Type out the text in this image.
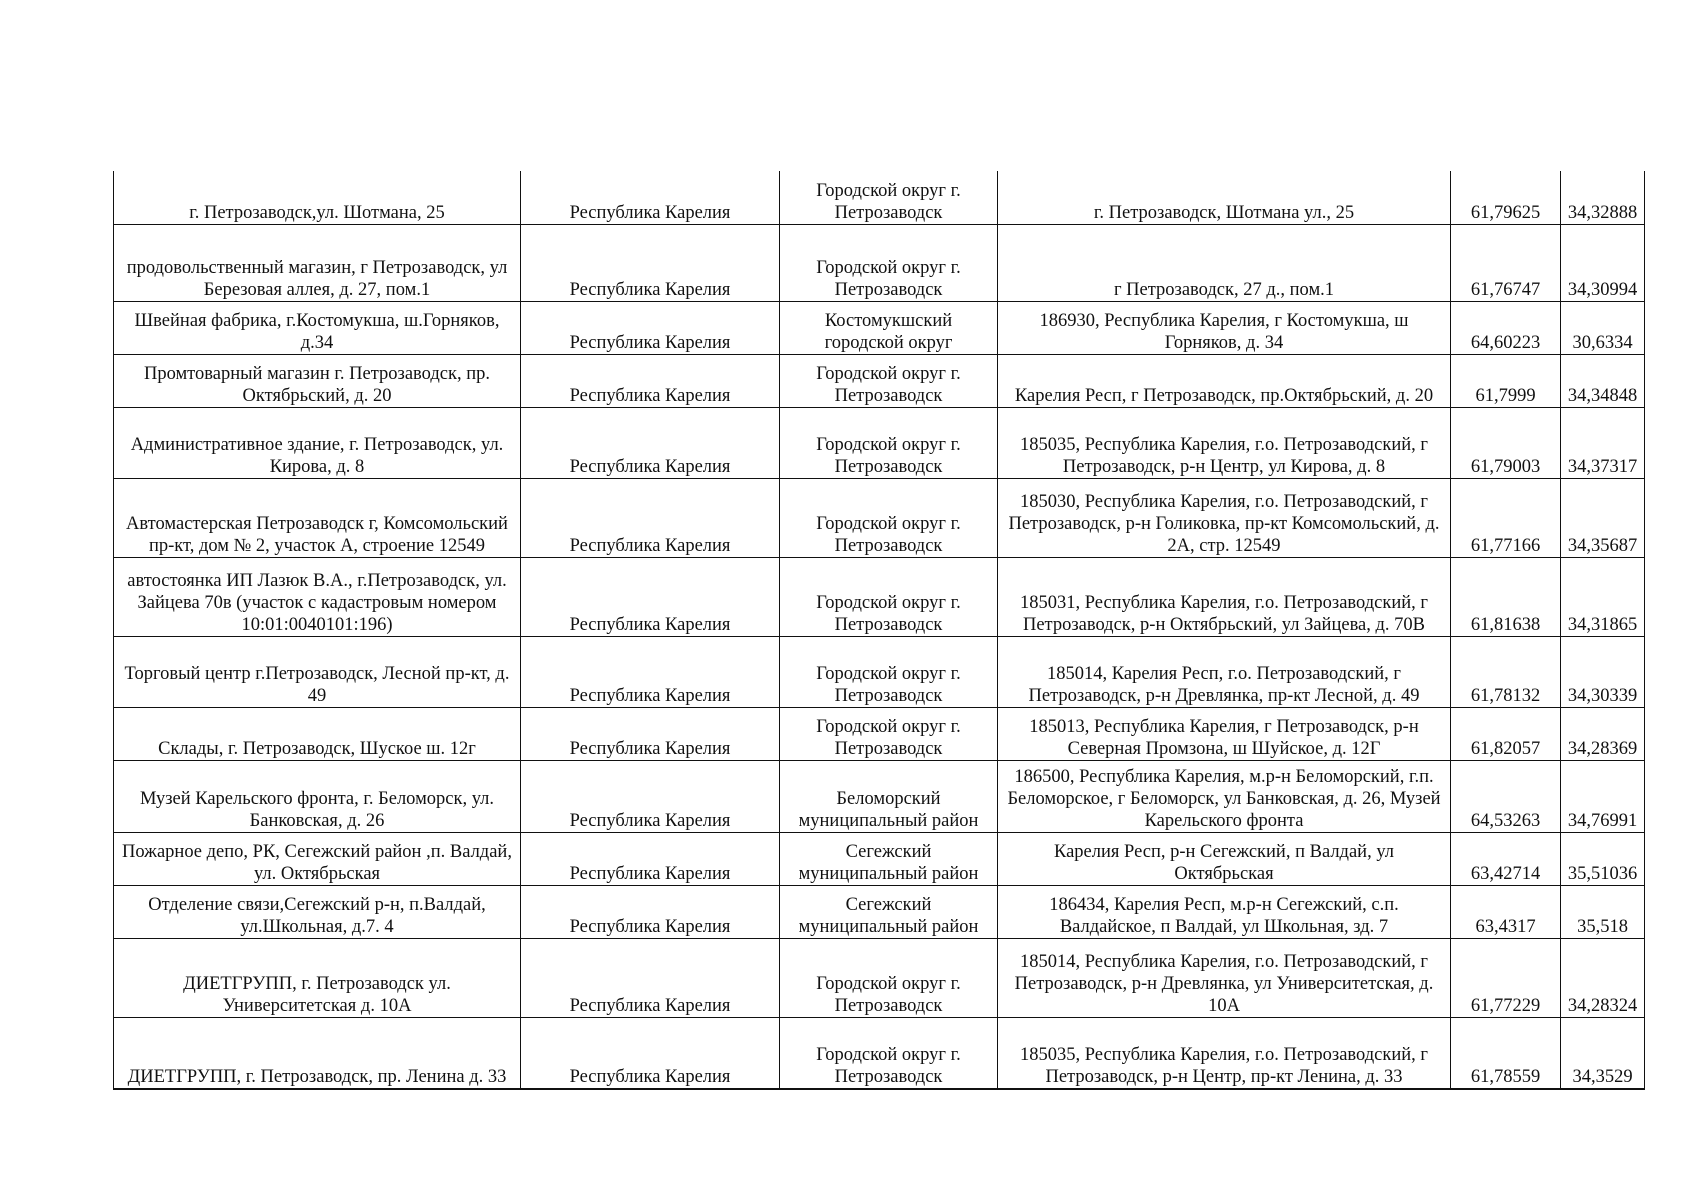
г. Петрозаводск,ул. Шотмана, 25	Республика Карелия	Городской округ г. Петрозаводск	г. Петрозаводск, Шотмана ул., 25	61,79625	34,32888
продовольственный магазин, г Петрозаводск, ул Березовая аллея, д. 27, пом.1	Республика Карелия	Городской округ г. Петрозаводск	г Петрозаводск, 27 д., пом.1	61,76747	34,30994
Швейная фабрика, г.Костомукша, ш.Горняков, д.34	Республика Карелия	Костомукшский городской округ	186930, Республика Карелия, г Костомукша, ш Горняков, д. 34	64,60223	30,6334
Промтоварный магазин г. Петрозаводск, пр. Октябрьский, д. 20	Республика Карелия	Городской округ г. Петрозаводск	Карелия Респ, г Петрозаводск, пр.Октябрьский, д. 20	61,7999	34,34848
Административное здание, г. Петрозаводск, ул. Кирова, д. 8	Республика Карелия	Городской округ г. Петрозаводск	185035, Республика Карелия, г.о. Петрозаводский, г Петрозаводск, р-н Центр, ул Кирова, д. 8	61,79003	34,37317
Автомастерская Петрозаводск г, Комсомольский пр-кт, дом № 2, участок А, строение 12549	Республика Карелия	Городской округ г. Петрозаводск	185030, Республика Карелия, г.о. Петрозаводский, г Петрозаводск, р-н Голиковка, пр-кт Комсомольский, д. 2А, стр. 12549	61,77166	34,35687
автостоянка ИП Лазюк В.А., г.Петрозаводск, ул. Зайцева 70в (участок с кадастровым номером 10:01:0040101:196)	Республика Карелия	Городской округ г. Петрозаводск	185031, Республика Карелия, г.о. Петрозаводский, г Петрозаводск, р-н Октябрьский, ул Зайцева, д. 70В	61,81638	34,31865
Торговый центр г.Петрозаводск, Лесной пр-кт, д. 49	Республика Карелия	Городской округ г. Петрозаводск	185014, Карелия Респ, г.о. Петрозаводский, г Петрозаводск, р-н Древлянка, пр-кт Лесной, д. 49	61,78132	34,30339
Склады, г. Петрозаводск, Шуское ш. 12г	Республика Карелия	Городской округ г. Петрозаводск	185013, Республика Карелия, г Петрозаводск, р-н Северная Промзона, ш Шуйское, д. 12Г	61,82057	34,28369
Музей Карельского фронта, г. Беломорск, ул. Банковская, д. 26	Республика Карелия	Беломорский муниципальный район	186500, Республика Карелия, м.р-н Беломорский, г.п. Беломорское, г Беломорск, ул Банковская, д. 26, Музей Карельского фронта	64,53263	34,76991
Пожарное депо, РК, Сегежский район ,п. Валдай, ул. Октябрьская	Республика Карелия	Сегежский муниципальный район	Карелия Респ, р-н Сегежский, п Валдай, ул Октябрьская	63,42714	35,51036
Отделение связи,Сегежский р-н, п.Валдай, ул.Школьная, д.7. 4	Республика Карелия	Сегежский муниципальный район	186434, Карелия Респ, м.р-н Сегежский, с.п. Валдайское, п Валдай, ул Школьная, зд. 7	63,4317	35,518
ДИЕТГРУПП, г. Петрозаводск ул. Университетская д. 10А	Республика Карелия	Городской округ г. Петрозаводск	185014, Республика Карелия, г.о. Петрозаводский, г Петрозаводск, р-н Древлянка, ул Университетская, д. 10А	61,77229	34,28324
ДИЕТГРУПП, г. Петрозаводск, пр. Ленина д. 33	Республика Карелия	Городской округ г. Петрозаводск	185035, Республика Карелия, г.о. Петрозаводский, г Петрозаводск, р-н Центр, пр-кт Ленина, д. 33	61,78559	34,3529
